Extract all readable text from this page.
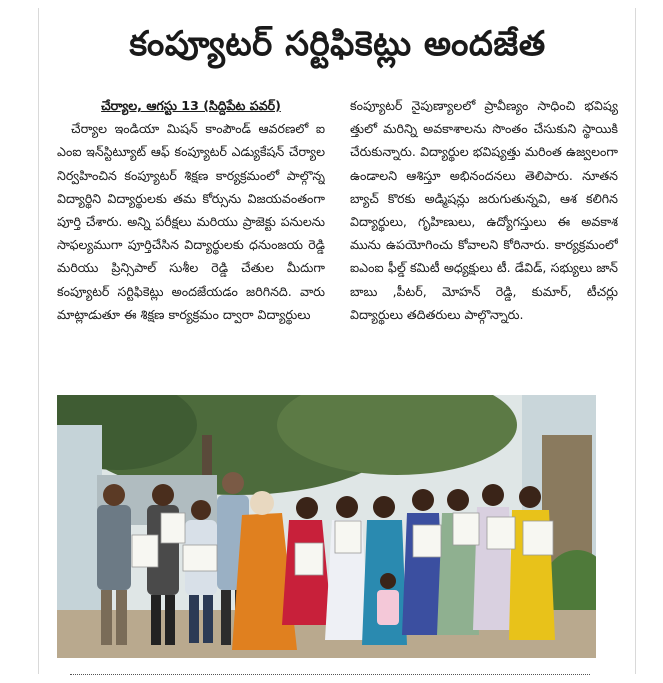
కంప్యూటర్ సర్టిఫికెట్లు అందజేత
చేర్యాల, ఆగస్టు 13 (సిద్దిపేట పవర్)

చేర్యాల ఇండియా మిషన్ కాంపౌండ్ ఆవరణలో ఐఎంఐ ఇన్‌స్టిట్యూట్ ఆఫ్ కంప్యూటర్ ఎడ్యుకేషన్ చేర్యాల నిర్వహించిన కంప్యూటర్ శిక్షణ కార్యక్రమంలో పాల్గొన్న విద్యార్థిని విద్యార్థులకు తమ కోర్సును విజయవంతంగా పూర్తి చేశారు. అన్ని పరీక్షలు మరియు ప్రాజెక్టు పనులను సాఫల్యముగా పూర్తిచేసిన విద్యార్థులకు ధనుంజయ రెడ్డి మరియు ప్రిన్సిపాల్ సుశీల రెడ్డి చేతుల మీదుగా కంప్యూటర్ సర్టిఫికెట్లు అందజేయడం జరిగినది. వారు మాట్లాడుతూ ఈ శిక్షణ కార్యక్రమం ద్వారా విద్యార్థులు

కంప్యూటర్ నైపుణ్యాలలో ప్రావీణ్యం సాధించి భవిష్యత్తులో మరిన్ని అవకాశాలను సొంతం చేసుకుని స్థాయికి చేరుకున్నారు. విద్యార్థుల భవిష్యత్తు మరింత ఉజ్వలంగా ఉండాలని ఆశిస్తూ అభినందనలు తెలిపారు. నూతన బ్యాచ్ కొరకు అడ్మిషన్లు జరుగుతున్నవి, ఆశ కలిగిన విద్యార్థులు, గృహిణులు, ఉద్యోగస్తులు ఈ అవకాశమును ఉపయోగించు కోవాలని కోరినారు. కార్యక్రమంలో ఐఎంఐ ఫీల్డ్ కమిటీ అధ్యక్షులు టీ. డేవిడ్, సభ్యులు జాన్ బాబు ,పీటర్, మోహన్ రెడ్డి, కుమార్, టీచర్లు విద్యార్థులు తదితరులు పాల్గొన్నారు.
